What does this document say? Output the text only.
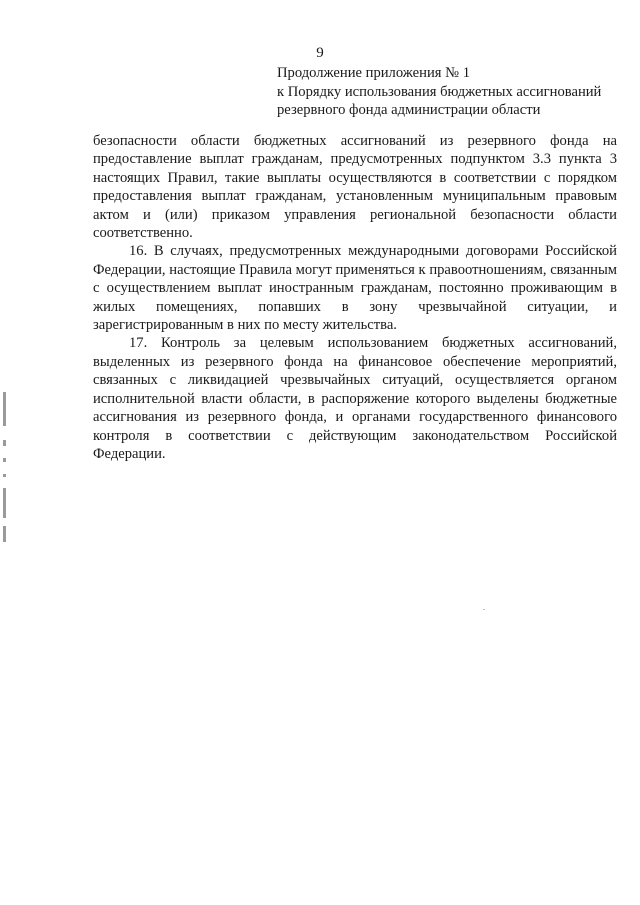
9
Продолжение приложения № 1
к Порядку использования бюджетных ассигнований
резервного фонда администрации области

безопасности области бюджетных ассигнований из резервного фонда на предоставление выплат гражданам, предусмотренных подпунктом 3.3 пункта 3 настоящих Правил, такие выплаты осуществляются в соответствии с порядком предоставления выплат гражданам, установленным муниципальным правовым актом и (или) приказом управления региональной безопасности области соответственно.

16. В случаях, предусмотренных международными договорами Российской Федерации, настоящие Правила могут применяться к правоотношениям, связанным с осуществлением выплат иностранным гражданам, постоянно проживающим в жилых помещениях, попавших в зону чрезвычайной ситуации, и зарегистрированным в них по месту жительства.

17. Контроль за целевым использованием бюджетных ассигнований, выделенных из резервного фонда на финансовое обеспечение мероприятий, связанных с ликвидацией чрезвычайных ситуаций, осуществляется органом исполнительной власти области, в распоряжение которого выделены бюджетные ассигнования из резервного фонда, и органами государственного финансового контроля в соответствии с действующим законодательством Российской Федерации.
